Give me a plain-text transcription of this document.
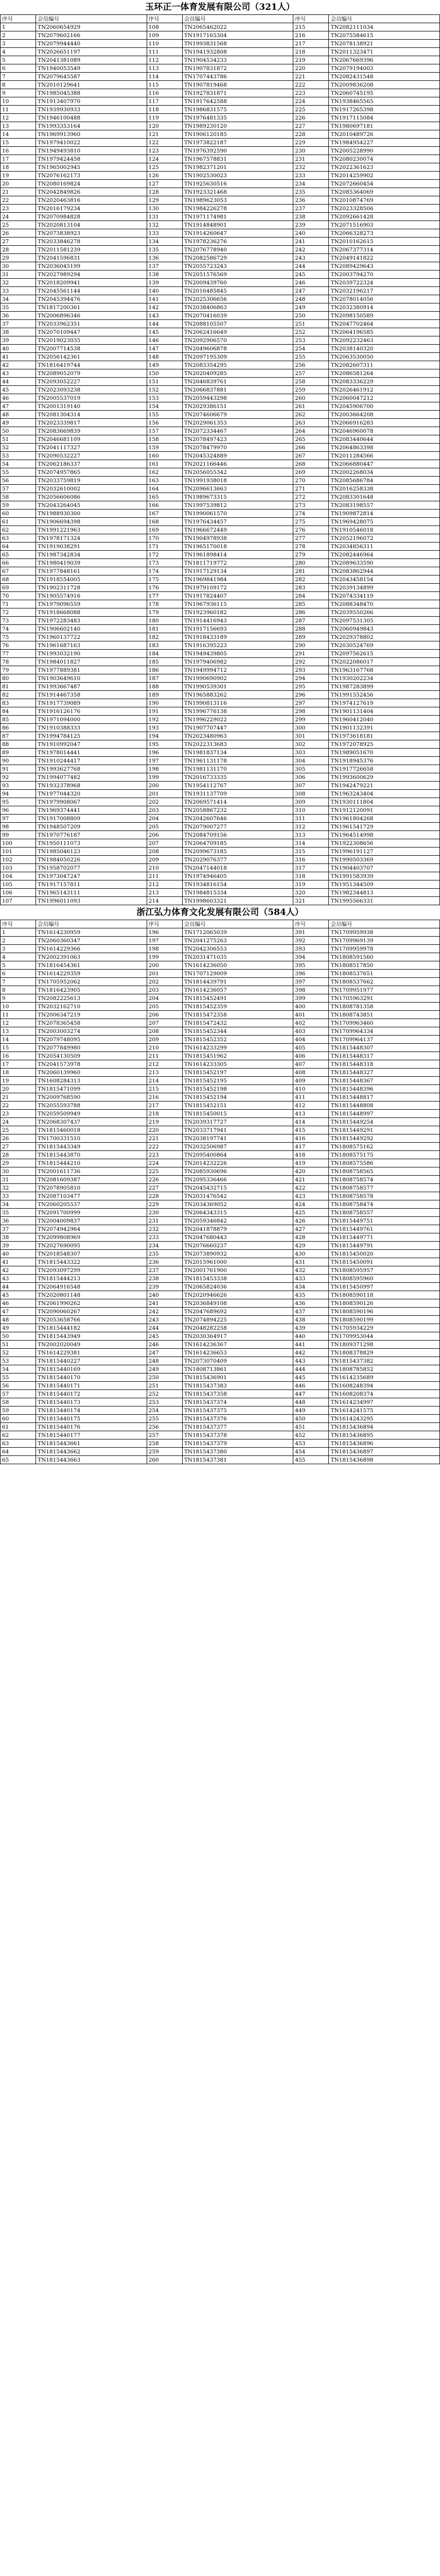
玉环正一体育发展有限公司（321人）
序号	会员编号	序号	会员编号	序号	会员编号
1	TN2060654929	108	TN2065462022	215	TN2082111034
2	TN2079602166	109	TN1917165304	216	TN2075584615
3	TN2079944440	110	TN1993831568	217	TN2078138921
4	TN2026651197	111	TN1941932808	218	TN2011323471
5	TN2041381089	112	TN1904534233	219	TN2067669396
6	TN1940053549	113	TN1907831872	220	TN2079194003
7	TN2079645587	114	TN1707443786	221	TN2082431548
8	TN2010129641	115	TN1907819468	222	TN2009836208
9	TN1985045388	116	TN1927831871	223	TN2060745195
10	TN1913407970	117	TN1917642588	224	TN1938465565
11	TN1939930933	118	TN1986831575	225	TN1917265398
12	TN1946100488	119	TN1976481335	226	TN1917115084
13	TN1993353164	120	TN1989230120	227	TN1980697181
14	TN1969913960	121	TN1906120185	228	TN2010489726
15	TN1979410022	122	TN1973822187	229	TN1984954227
16	TN1949493810	123	TN1976392590	230	TN2005228990
17	TN1979424458	124	TN1967578831	231	TN2080230074
18	TN1965002945	125	TN1982371201	232	TN2022361623
19	TN2076162173	126	TN1902530023	233	TN2014259902
20	TN2080169824	127	TN1925630516	234	TN2072660454
21	TN2042849826	128	TN1923321468	235	TN2085364069
22	TN2020463816	129	TN1989623053	236	TN2010874769
23	TN2016179234	130	TN1984226278	237	TN2023328506
24	TN2070984828	131	TN1971174981	238	TN2092661428
25	TN2020813104	132	TN1914848901	239	TN2071516903
26	TN2073838923	133	TN1914260647	240	TN2066328273
27	TN2033846278	134	TN1978236276	241	TN2010162615
28	TN2011581239	135	TN2076778940	242	TN2067377314
29	TN2041596831	136	TN2082586729	243	TN2049141822
30	TN2036045199	137	TN2055723243	244	TN2089429643
31	TN2027989294	138	TN2051576569	245	TN2003794270
32	TN2018209941	139	TN2009439760	246	TN2039722324
33	TN2045561144	140	TN2016485845	247	TN2032196217
34	TN2045394476	141	TN2025306656	248	TN2078014056
35	TN1817200361	142	TN2038406863	249	TN2032380914
36	TN2006896346	143	TN2070416039	250	TN2098150589
37	TN2033962351	144	TN2088105507	251	TN2047702464
38	TN2070109447	145	TN2062416649	252	TN2064196585
39	TN2019023035	146	TN2092906570	253	TN2092232463
40	TN2007714538	147	TN2049606878	254	TN2038140320
41	TN2056142361	148	TN2097195309	255	TN2063530050
42	TN1816419744	149	TN2083354295	256	TN2082607311
43	TN2089052079	150	TN2020409285	257	TN2086581264
44	TN2093052227	151	TN2046839761	258	TN2083336229
45	TN2023093238	152	TN2066837881	259	TN2026461912
46	TN2005537019	153	TN2059443298	260	TN2060047212
47	TN2001319140	154	TN2029386151	261	TN2045906700
48	TN2081304314	155	TN2074606679	262	TN2003664208
49	TN2023339817	156	TN2029061353	263	TN2066916283
50	TN2083669839	157	TN2072334467	264	TN2046960078
51	TN2046681109	158	TN2078497423	265	TN2083440644
52	TN2041117327	159	TN2078479970	266	TN2064863398
53	TN2090532227	160	TN2045324889	267	TN2011284566
54	TN2062186337	161	TN2021166446	268	TN2066880447
55	TN2074957865	162	TN2056055342	269	TN2002268034
56	TN2033759819	163	TN1991938018	270	TN2085686784
57	TN2032610002	164	TN2096613663	271	TN2016258338
58	TN2056606086	165	TN1989673315	272	TN2083301648
59	TN2043264045	166	TN1997539812	273	TN2083198557
60	TN1988930300	167	TN1990061570	274	TN1909872814
61	TN1906694398	168	TN1976434457	275	TN1969428075
62	TN1991221963	169	TN1966672449	276	TN1910546018
63	TN1978171324	170	TN1904978938	277	TN2052196072
64	TN1919038291	171	TN1965170018	278	TN2034856311
65	TN1987342834	172	TN1961898414	279	TN2082446964
66	TN1980419039	173	TN1811719772	280	TN2089633590
67	TN1977848161	174	TN1917129134	281	TN2083862944
68	TN1918554005	175	TN1969841984	282	TN2043458154
69	TN1902311728	176	TN1979109172	283	TN2039134899
70	TN1905574916	177	TN1917824407	284	TN2074334119
71	TN1979096559	178	TN1967936115	285	TN2088348470
72	TN1918668088	179	TN1923960182	286	TN2039550266
73	TN1972283483	180	TN1914416943	287	TN2097531305
74	TN1906602140	181	TN1917156693	288	TN2060949843
75	TN1960137722	182	TN1918433189	289	TN2029378802
76	TN1961687163	183	TN1916395223	290	TN2030524769
77	TN1993032190	184	TN1949439805	291	TN2097562615
78	TN1984011827	185	TN1979406982	292	TN2022086017
79	TN1977889381	186	TN1949994712	293	TN1963167768
80	TN1903649610	187	TN1990690902	294	TN1930202234
81	TN1993667487	188	TN1990539301	295	TN1987283899
82	TN1914467358	189	TN1965883262	296	TN1991552456
83	TN1917739089	190	TN1990813116	297	TN1974127619
84	TN1916126176	191	TN1996776138	298	TN1901131404
85	TN1971094000	192	TN1996229022	299	TN1960412040
86	TN1910388333	193	TN1907707447	300	TN1901132391
87	TN1994784125	194	TN2023480963	301	TN1973618181
88	TN1910992047	195	TN2022313683	302	TN1972078925
89	TN1978014441	196	TN1981837134	303	TN1989051670
90	TN1910244417	197	TN1961131178	304	TN1918945376
91	TN1993627768	198	TN1981131170	305	TN1917726658
92	TN1994077482	199	TN2016733335	306	TN1993600629
93	TN1932378968	200	TN1954112767	307	TN1942479221
94	TN1977044320	201	TN1931137709	308	TN1963243404
95	TN1979908067	202	TN2069571414	309	TN1930111804
96	TN1969374441	203	TN2058867232	310	TN1912120091
97	TN1917008809	204	TN2042607646	311	TN1961804268
98	TN1948507209	205	TN2079007277	312	TN1961541729
99	TN1970776187	206	TN2084709156	313	TN1964514998
100	TN1950111073	207	TN2064709185	314	TN1922308656
101	TN1985046123	208	TN2099673185	315	TN1996191127
102	TN1984050226	209	TN2029076377	316	TN1990503369
103	TN1958702077	210	TN2047144018	317	TN1904403707
104	TN1973047247	211	TN1974946405	318	TN1991583939
105	TN1917157811	212	TN1934816154	319	TN1951344509
106	TN1965143111	213	TN1984815334	320	TN1982344813
107	TN1996011093	214	TN1998603321	321	TN1995566331
浙江弘力体育文化发展有限公司（584人）
序号	会员编号	序号	会员编号	序号	会员编号
1	TN1614230959	196	TN1712065039	391	TN1709959938
2	TN2060360347	197	TN2041275263	392	TN1709969139
3	TN1614229366	198	TN2042306553	393	TN1709959978
4	TN2002391063	199	TN2031471035	394	TN1808591560
5	TN1816454361	200	TN1614236050	395	TN1808517850
6	TN1614229359	201	TN1707129009	396	TN1808537651
7	TN1705952062	202	TN1814439791	397	TN1808537662
8	TN1816423905	203	TN1614236057	398	TN1709951977
9	TN2082225613	204	TN1815452491	399	TN1705963291
10	TN2032162710	205	TN1815452359	400	TN1808781358
11	TN2006347219	206	TN1815472358	401	TN1808743851
12	TN2078365458	207	TN1815472432	402	TN1709963460
13	TN2003003274	208	TN1815452344	403	TN1709964334
14	TN2079748095	209	TN1815452352	404	TN1709964137
15	TN2077849980	210	TN1614233299	405	TN1815448307
16	TN2054130509	211	TN1815451962	406	TN1815448317
17	TN2041573978	212	TN1614233305	407	TN1815448318
18	TN2060139960	213	TN1815452197	408	TN1815448327
19	TN1608284313	214	TN1815452195	409	TN1815448367
20	TN1815471099	215	TN1815452198	410	TN1815448396
21	TN2009768590	216	TN1815452194	411	TN1815448817
22	TN2055593788	217	TN1815452151	412	TN1815448808
23	TN2059509949	218	TN1815450015	413	TN1815448997
24	TN2068307437	219	TN2039317727	414	TN1815449254
25	TN1815460018	220	TN2033717941	415	TN1815449291
26	TN1700331510	221	TN2038197741	416	TN1815449292
27	TN1815443349	222	TN2032506987	417	TN1808575162
28	TN1815443870	223	TN2095400864	418	TN1808575175
29	TN1815444210	224	TN2014232226	419	TN1808575586
30	TN2001611736	225	TN2085930696	420	TN1808758565
31	TN2081609387	226	TN2095336466	421	TN1808758574
32	TN2078905810	227	TN2045432715	422	TN1808758577
33	TN2087103477	228	TN2031476542	423	TN1808758578
34	TN2060205537	229	TN2034369052	424	TN1808758474
35	TN2091700999	230	TN2064343315	425	TN1808758557
36	TN2004009837	231	TN2059346842	426	TN1815449751
37	TN2074942964	232	TN2041878879	427	TN1815449761
38	TN2099808969	233	TN2047680443	428	TN1815449771
39	TN2027690095	234	TN2076660237	429	TN1815449791
40	TN2018548307	235	TN2073890932	430	TN1815450020
41	TN1815443322	236	TN2015961000	431	TN1815450091
42	TN2093097299	237	TN2001761900	432	TN1808595957
43	TN1815444213	238	TN1815453338	433	TN1808595960
44	TN2064916548	239	TN2065824036	434	TN1815450997
45	TN2020801148	240	TN2020946626	435	TN1808590118
46	TN2061990262	241	TN2036849108	436	TN1808590126
47	TN2090060267	242	TN2047689692	437	TN1808590196
48	TN2053658766	243	TN2074894225	438	TN1808590199
49	TN1815444182	244	TN2048282258	439	TN1705934229
50	TN1815443949	245	TN2030364917	440	TN1709953044
51	TN2002020049	246	TN1614236367	441	TN1809371298
52	TN1614229381	247	TN1614236653	442	TN1808378829
53	TN1815440227	248	TN2073070409	443	TN1815437382
54	TN1815440169	249	TN1808713861	444	TN1808785852
55	TN1815440170	250	TN1815436901	445	TN1614235689
56	TN1815440171	251	TN1815437383	446	TN1608248394
57	TN1815440172	252	TN1815437358	447	TN1608208374
58	TN1815440173	253	TN1815437374	448	TN1614234997
59	TN1815440174	254	TN1815437375	449	TN1614241575
60	TN1815440175	255	TN1815437376	450	TN1614243295
61	TN1815440176	256	TN1815437377	451	TN1815436894
62	TN1815440177	257	TN1815437378	452	TN1815436895
63	TN1815443661	258	TN1815437379	453	TN1815436896
64	TN1815443662	259	TN1815437380	454	TN1815436897
65	TN1815443663	260	TN1815437381	455	TN1815436898
